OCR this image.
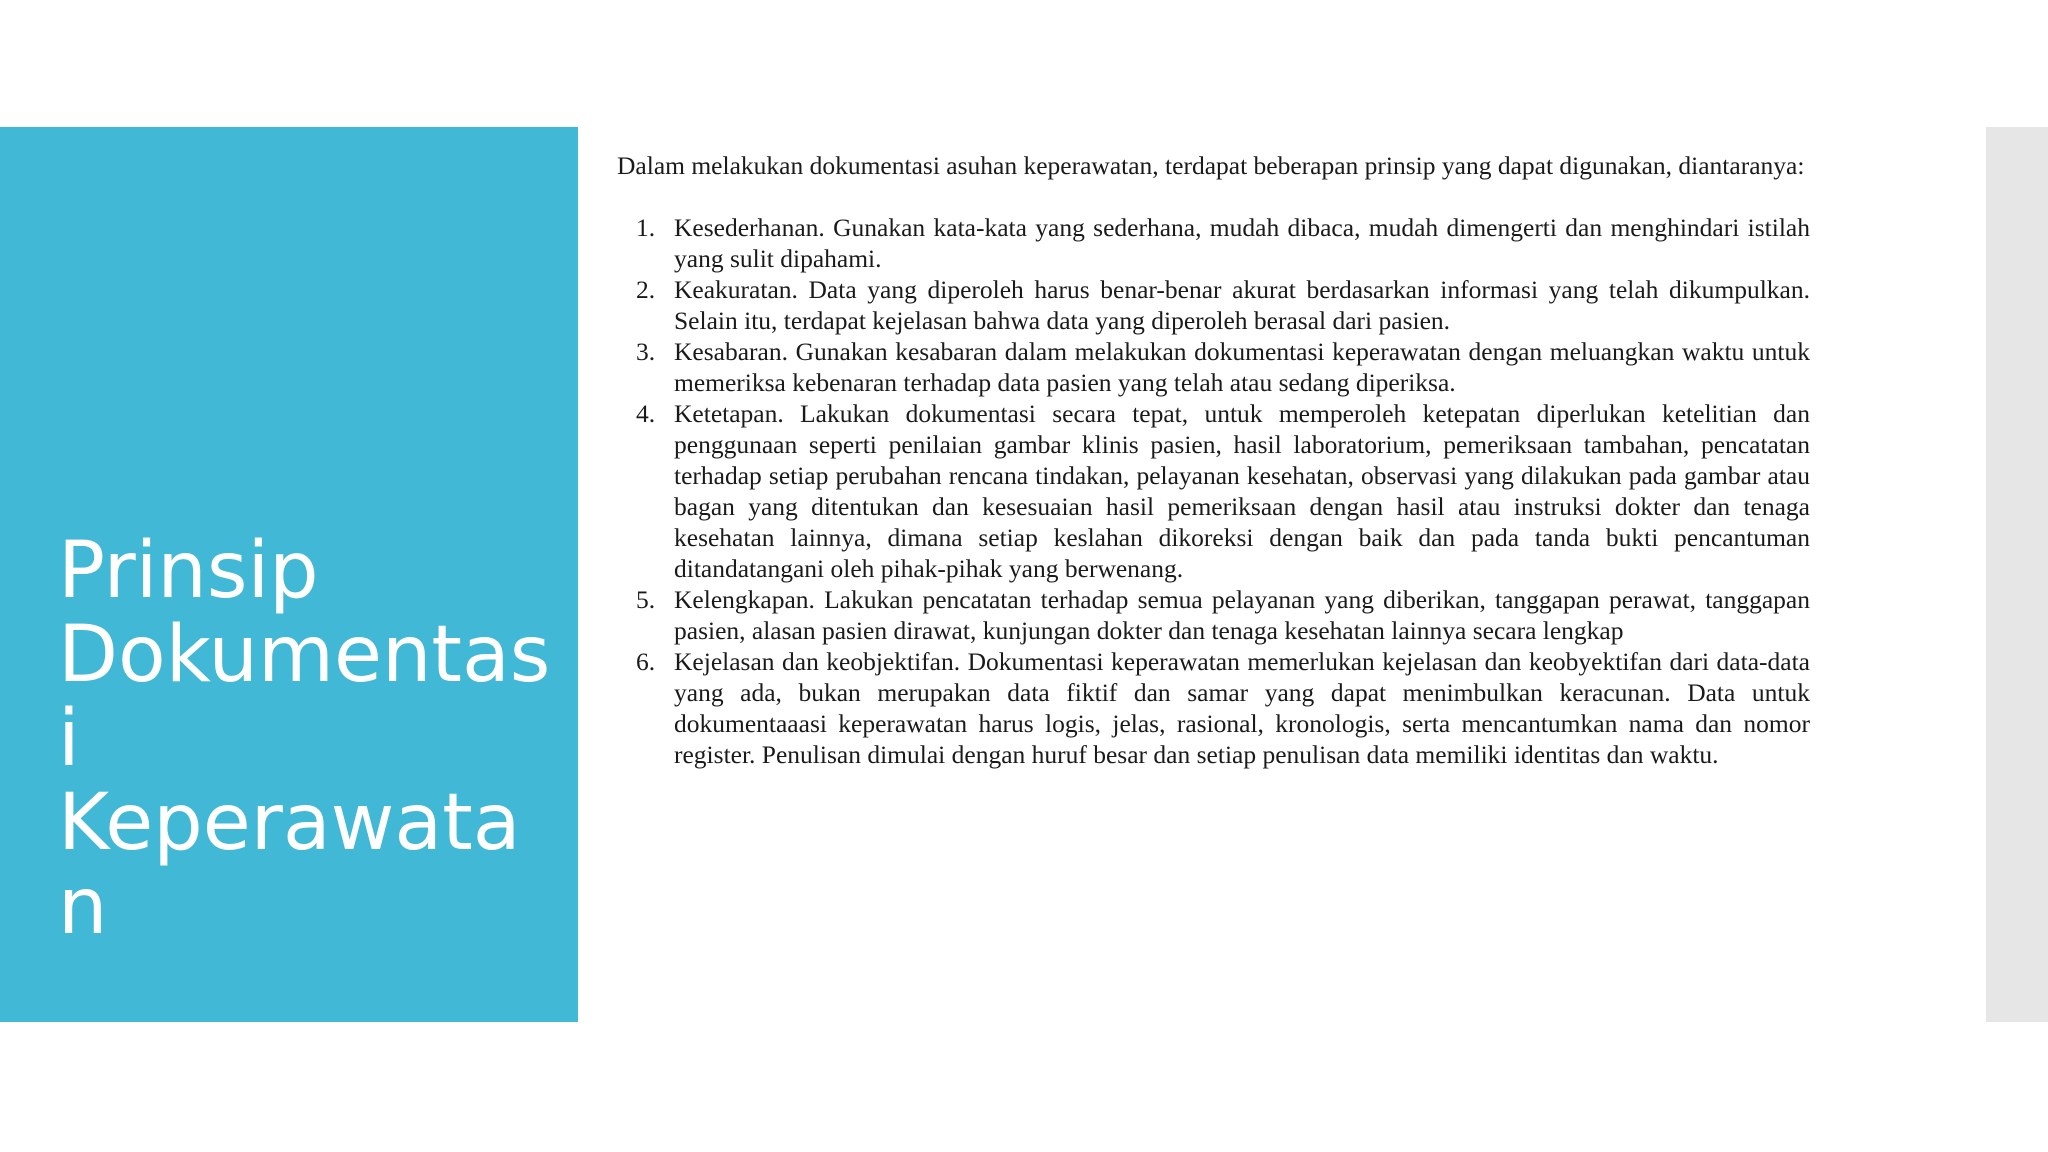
Prinsip
Dokumentas
i
Keperawatan

Dalam melakukan dokumentasi asuhan keperawatan, terdapat beberapan prinsip yang dapat digunakan, diantaranya:

1. Kesederhanan. Gunakan kata-kata yang sederhana, mudah dibaca, mudah dimengerti dan menghindari istilah yang sulit dipahami.
2. Keakuratan. Data yang diperoleh harus benar-benar akurat berdasarkan informasi yang telah dikumpulkan. Selain itu, terdapat kejelasan bahwa data yang diperoleh berasal dari pasien.
3. Kesabaran. Gunakan kesabaran dalam melakukan dokumentasi keperawatan dengan meluangkan waktu untuk memeriksa kebenaran terhadap data pasien yang telah atau sedang diperiksa.
4. Ketetapan. Lakukan dokumentasi secara tepat, untuk memperoleh ketepatan diperlukan ketelitian dan penggunaan seperti penilaian gambar klinis pasien, hasil laboratorium, pemeriksaan tambahan, pencatatan terhadap setiap perubahan rencana tindakan, pelayanan kesehatan, observasi yang dilakukan pada gambar atau bagan yang ditentukan dan kesesuaian hasil pemeriksaan dengan hasil atau instruksi dokter dan tenaga kesehatan lainnya, dimana setiap keslahan dikoreksi dengan baik dan pada tanda bukti pencantuman ditandatangani oleh pihak-pihak yang berwenang.
5. Kelengkapan. Lakukan pencatatan terhadap semua pelayanan yang diberikan, tanggapan perawat, tanggapan pasien, alasan pasien dirawat, kunjungan dokter dan tenaga kesehatan lainnya secara lengkap
6. Kejelasan dan keobjektifan. Dokumentasi keperawatan memerlukan kejelasan dan keobyektifan dari data-data yang ada, bukan merupakan data fiktif dan samar yang dapat menimbulkan keracunan. Data untuk dokumentaaasi keperawatan harus logis, jelas, rasional, kronologis, serta mencantumkan nama dan nomor register. Penulisan dimulai dengan huruf besar dan setiap penulisan data memiliki identitas dan waktu.
